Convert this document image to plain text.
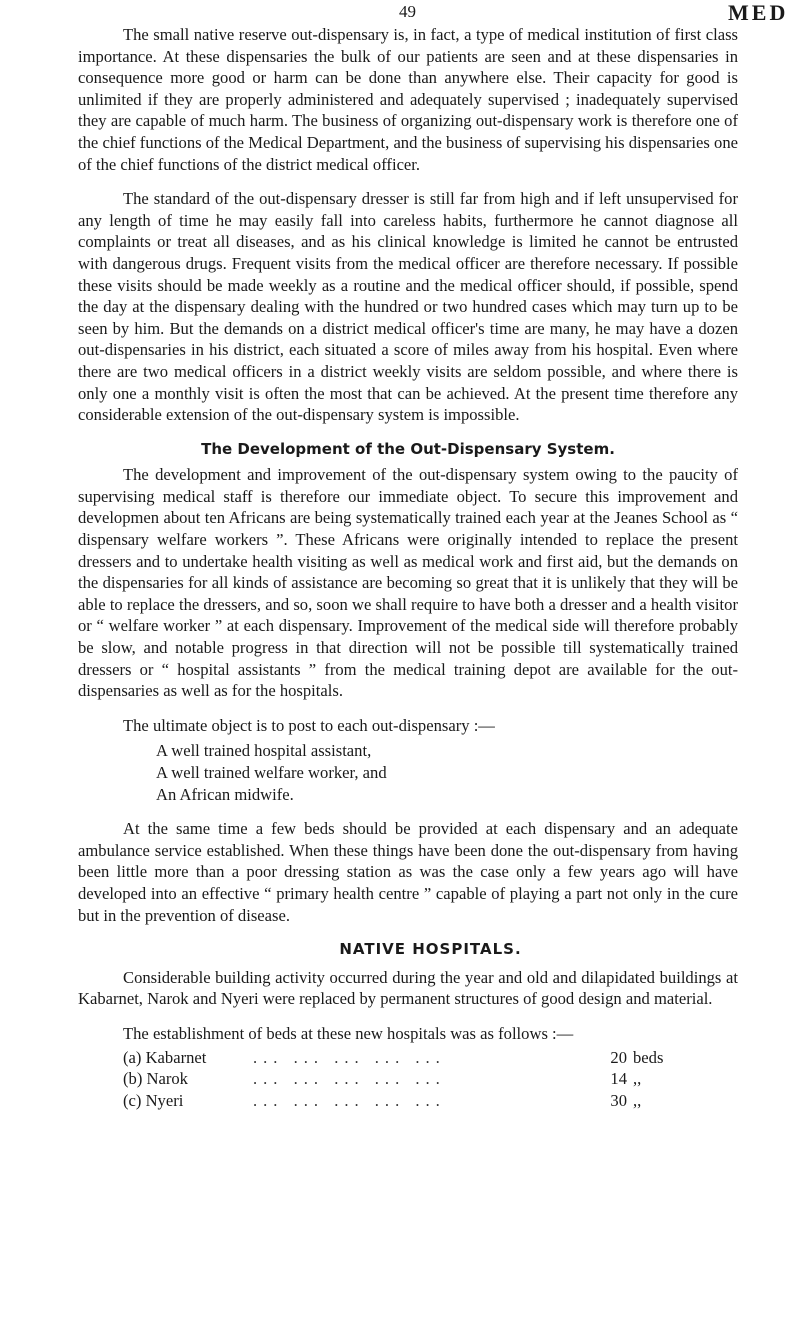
49	MED

The small native reserve out-dispensary is, in fact, a type of medical institution of first class importance. At these dispensaries the bulk of our patients are seen and at these dispensaries in consequence more good or harm can be done than anywhere else. Their capacity for good is unlimited if they are properly administered and adequately supervised ; inadequately supervised they are capable of much harm. The business of organizing out-dispensary work is therefore one of the chief functions of the Medical Department, and the business of supervising his dispensaries one of the chief functions of the district medical officer.

The standard of the out-dispensary dresser is still far from high and if left unsupervised for any length of time he may easily fall into careless habits, furthermore he cannot diagnose all complaints or treat all diseases, and as his clinical knowledge is limited he cannot be entrusted with dangerous drugs. Frequent visits from the medical officer are therefore necessary. If possible these visits should be made weekly as a routine and the medical officer should, if possible, spend the day at the dispensary dealing with the hundred or two hundred cases which may turn up to be seen by him. But the demands on a district medical officer's time are many, he may have a dozen out-dispensaries in his district, each situated a score of miles away from his hospital. Even where there are two medical officers in a district weekly visits are seldom possible, and where there is only one a monthly visit is often the most that can be achieved. At the present time therefore any considerable extension of the out-dispensary system is impossible.

The Development of the Out-Dispensary System.

The development and improvement of the out-dispensary system owing to the paucity of supervising medical staff is therefore our immediate object. To secure this improvement and developmen about ten Africans are being systematically trained each year at the Jeanes School as “ dispensary welfare workers ”. These Africans were originally intended to replace the present dressers and to undertake health visiting as well as medical work and first aid, but the demands on the dispensaries for all kinds of assistance are becoming so great that it is unlikely that they will be able to replace the dressers, and so, soon we shall require to have both a dresser and a health visitor or “ welfare worker ” at each dispensary. Improvement of the medical side will therefore probably be slow, and notable progress in that direction will not be possible till systematically trained dressers or “ hospital assistants ” from the medical training depot are available for the out-dispensaries as well as for the hospitals.

The ultimate object is to post to each out-dispensary :—

A well trained hospital assistant,
A well trained welfare worker, and
An African midwife.

At the same time a few beds should be provided at each dispensary and an adequate ambulance service established. When these things have been done the out-dispensary from having been little more than a poor dressing station as was the case only a few years ago will have developed into an effective “ primary health centre ” capable of playing a part not only in the cure but in the prevention of disease.

NATIVE HOSPITALS.

Considerable building activity occurred during the year and old and dilapidated buildings at Kabarnet, Narok and Nyeri were replaced by permanent structures of good design and material.

The establishment of beds at these new hospitals was as follows :—

(a) Kabarnet	... ... ... ... ...	20 beds
(b) Narok	... ... ... ... ...	14 ,,
(c) Nyeri	... ... ... ... ...	30 ,,
